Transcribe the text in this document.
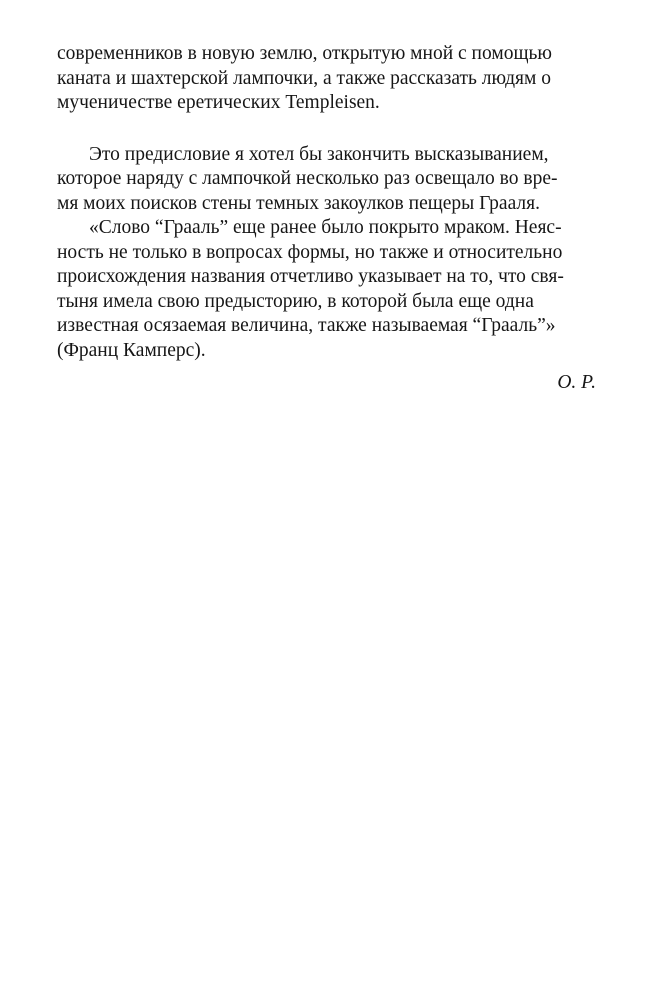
современников в новую землю, открытую мной с помощью
каната и шахтерской лампочки, а также рассказать людям о
мученичестве еретических Templeisen.

Это предисловие я хотел бы закончить высказыванием,
которое наряду с лампочкой несколько раз освещало во вре-
мя моих поисков стены темных закоулков пещеры Грааля.

«Слово “Грааль” еще ранее было покрыто мраком. Неяс-
ность не только в вопросах формы, но также и относительно
происхождения названия отчетливо указывает на то, что свя-
тыня имела свою предысторию, в которой была еще одна
известная осязаемая величина, также называемая “Грааль”»
(Франц Камперс).

О. Р.
